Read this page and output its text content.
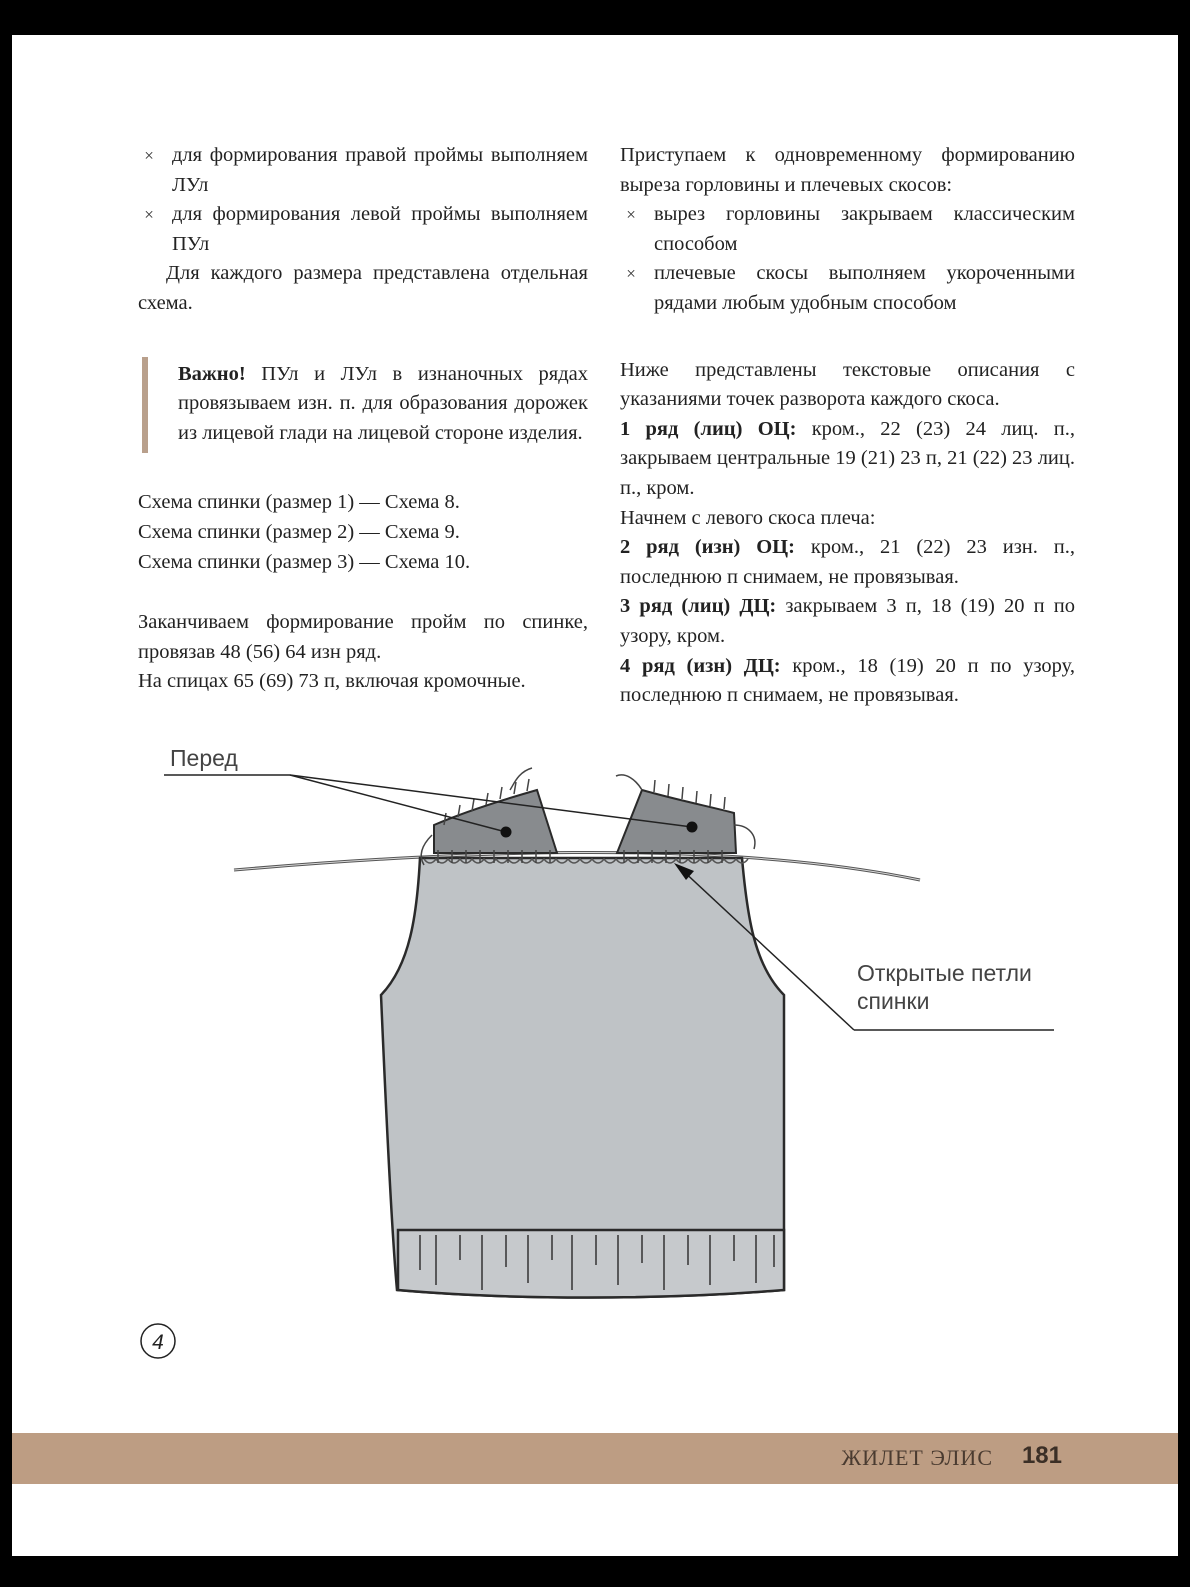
× для формирования правой проймы выполняем ЛУл

× для формирования левой проймы выполняем ПУл

Для каждого размера представлена отдельная схема.

Важно! ПУл и ЛУл в изнаночных рядах провязываем изн. п. для образования дорожек из лицевой глади на лицевой стороне изделия.

Схема спинки (размер 1) — Схема 8.

Схема спинки (размер 2) — Схема 9.

Схема спинки (размер 3) — Схема 10.

Заканчиваем формирование пройм по спинке, провязав 48 (56) 64 изн ряд.

На спицах 65 (69) 73 п, включая кромочные.

Приступаем к одновременному формированию выреза горловины и плечевых скосов:

× вырез горловины закрываем классическим способом

× плечевые скосы выполняем укороченными рядами любым удобным способом

Ниже представлены текстовые описания с указаниями точек разворота каждого скоса.

1 ряд (лиц) ОЦ: кром., 22 (23) 24 лиц. п., закрываем центральные 19 (21) 23 п, 21 (22) 23 лиц. п., кром.

Начнем с левого скоса плеча:

2 ряд (изн) ОЦ: кром., 21 (22) 23 изн. п., последнюю п снимаем, не провязывая.

3 ряд (лиц) ДЦ: закрываем 3 п, 18 (19) 20 п по узору, кром.

4 ряд (изн) ДЦ: кром., 18 (19) 20 п по узору, последнюю п снимаем, не провязывая.

Перед
Открытые петли
спинки
4
ЖИЛЕТ ЭЛИС 181
